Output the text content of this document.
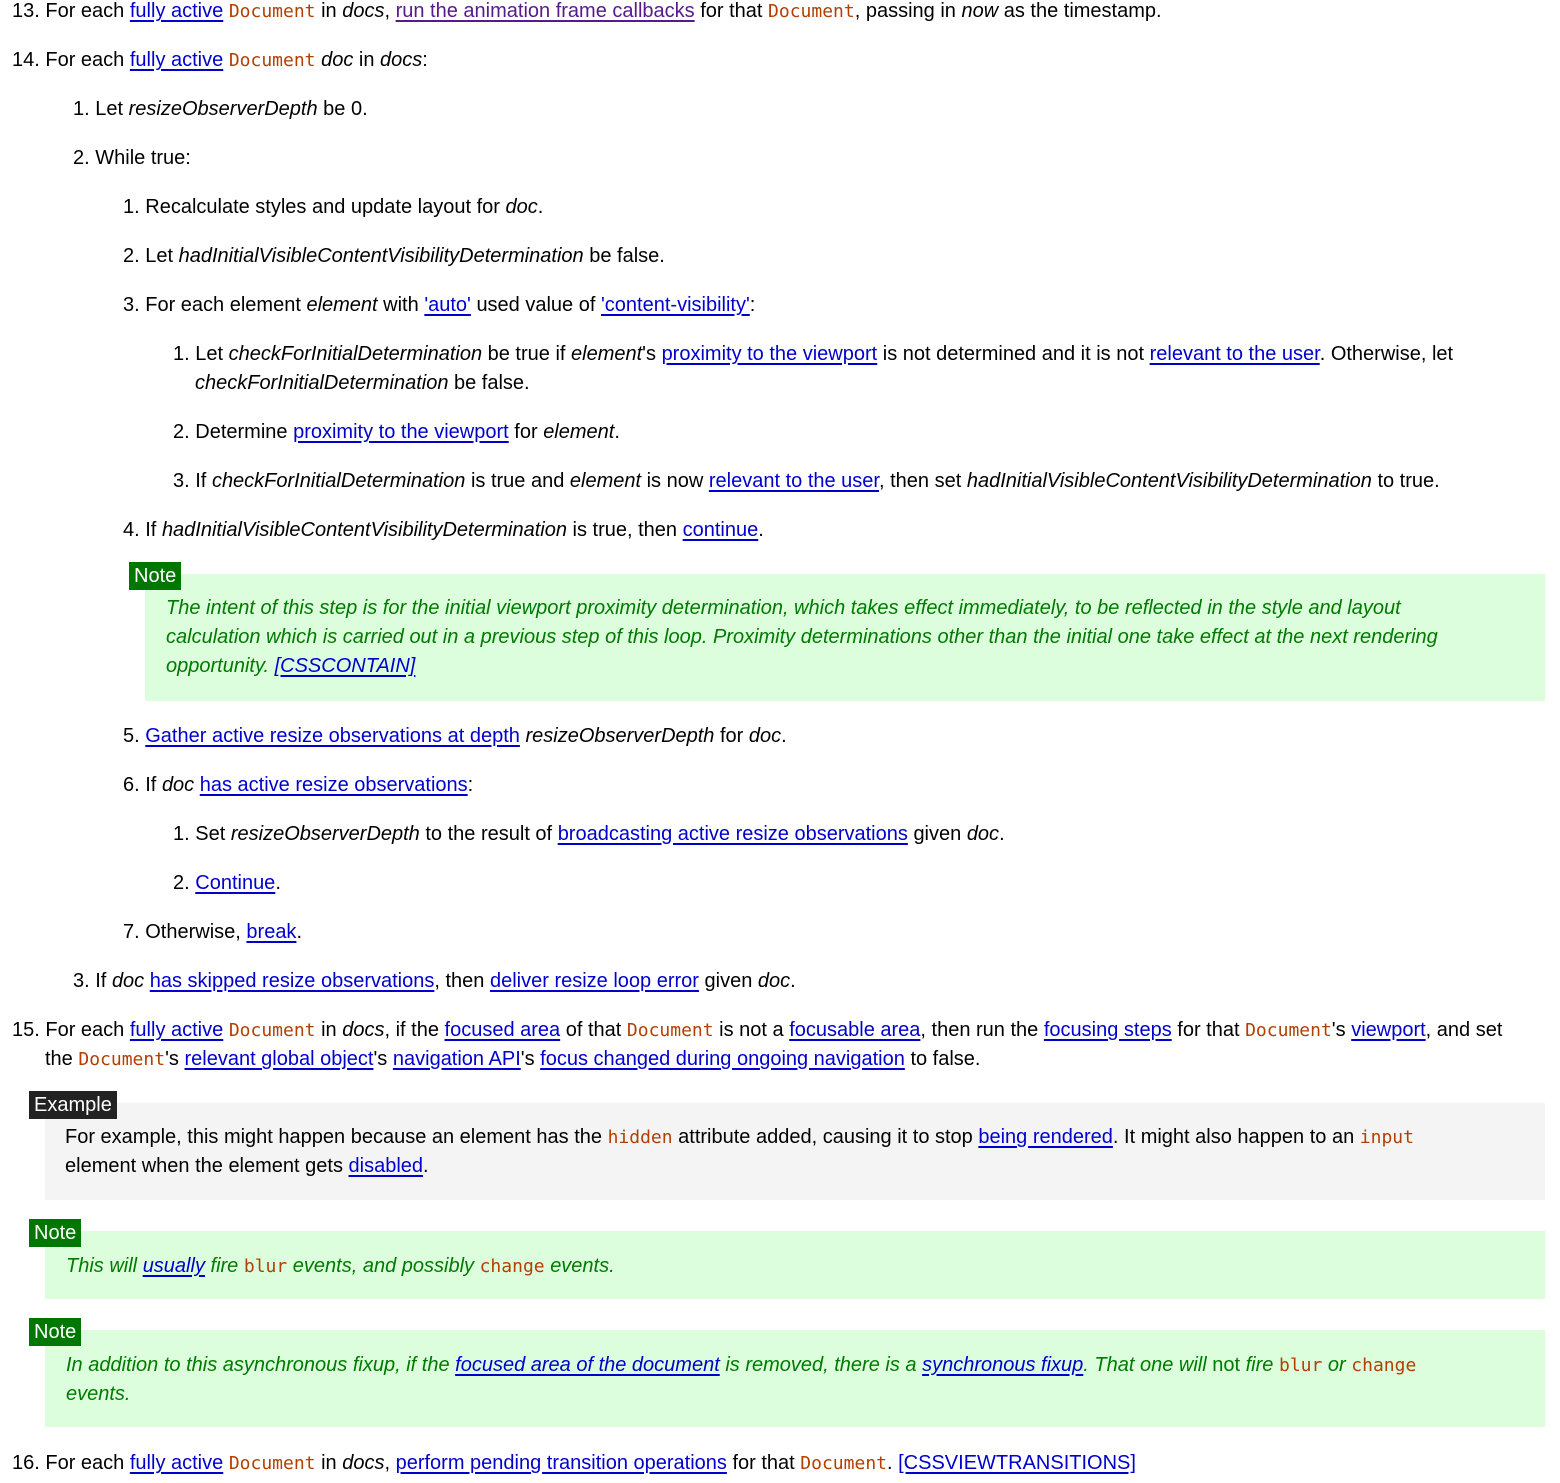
13. For each fully active Document in docs, run the animation frame callbacks for that Document, passing in now as the timestamp.
14. For each fully active Document doc in docs:
1. Let resizeObserverDepth be 0.
2. While true:
1. Recalculate styles and update layout for doc.
2. Let hadInitialVisibleContentVisibilityDetermination be false.
3. For each element element with 'auto' used value of 'content-visibility':
1. Let checkForInitialDetermination be true if element's proximity to the viewport is not determined and it is not relevant to the user. Otherwise, let
checkForInitialDetermination be false.
2. Determine proximity to the viewport for element.
3. If checkForInitialDetermination is true and element is now relevant to the user, then set hadInitialVisibleContentVisibilityDetermination to true.
4. If hadInitialVisibleContentVisibilityDetermination is true, then continue.
The intent of this step is for the initial viewport proximity determination, which takes effect immediately, to be reflected in the style and layout
calculation which is carried out in a previous step of this loop. Proximity determinations other than the initial one take effect at the next rendering
opportunity. [CSSCONTAIN]
Note
5. Gather active resize observations at depth resizeObserverDepth for doc.
6. If doc has active resize observations:
1. Set resizeObserverDepth to the result of broadcasting active resize observations given doc.
2. Continue.
7. Otherwise, break.
3. If doc has skipped resize observations, then deliver resize loop error given doc.
15. For each fully active Document in docs, if the focused area of that Document is not a focusable area, then run the focusing steps for that Document's viewport, and set
the Document's relevant global object's navigation API's focus changed during ongoing navigation to false.
For example, this might happen because an element has the hidden attribute added, causing it to stop being rendered. It might also happen to an input
element when the element gets disabled.
Example
This will usually fire blur events, and possibly change events.
Note
In addition to this asynchronous fixup, if the focused area of the document is removed, there is a synchronous fixup. That one will not fire blur or change
events.
Note
16. For each fully active Document in docs, perform pending transition operations for that Document. [CSSVIEWTRANSITIONS]
